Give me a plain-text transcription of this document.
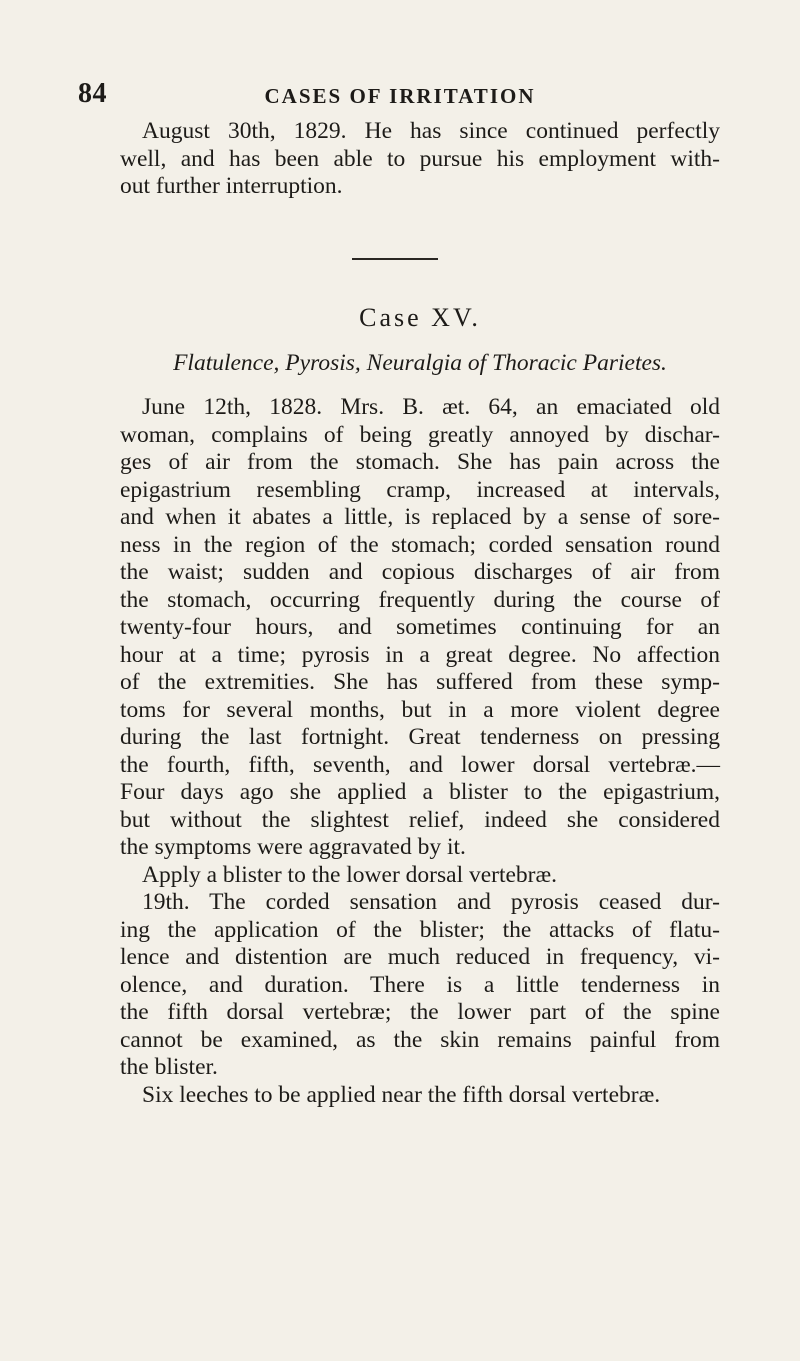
84	CASES OF IRRITATION
August 30th, 1829. He has since continued perfectly
well, and has been able to pursue his employment with-
out further interruption.
Case XV.
Flatulence, Pyrosis, Neuralgia of Thoracic Parietes.
June 12th, 1828. Mrs. B. æt. 64, an emaciated old
woman, complains of being greatly annoyed by dischar-
ges of air from the stomach. She has pain across the
epigastrium resembling cramp, increased at intervals,
and when it abates a little, is replaced by a sense of sore-
ness in the region of the stomach; corded sensation round
the waist; sudden and copious discharges of air from
the stomach, occurring frequently during the course of
twenty-four hours, and sometimes continuing for an
hour at a time; pyrosis in a great degree. No affection
of the extremities. She has suffered from these symp-
toms for several months, but in a more violent degree
during the last fortnight. Great tenderness on pressing
the fourth, fifth, seventh, and lower dorsal vertebræ.—
Four days ago she applied a blister to the epigastrium,
but without the slightest relief, indeed she considered
the symptoms were aggravated by it.
Apply a blister to the lower dorsal vertebræ.
19th. The corded sensation and pyrosis ceased dur-
ing the application of the blister; the attacks of flatu-
lence and distention are much reduced in frequency, vi-
olence, and duration. There is a little tenderness in
the fifth dorsal vertebræ; the lower part of the spine
cannot be examined, as the skin remains painful from
the blister.
Six leeches to be applied near the fifth dorsal vertebræ.
